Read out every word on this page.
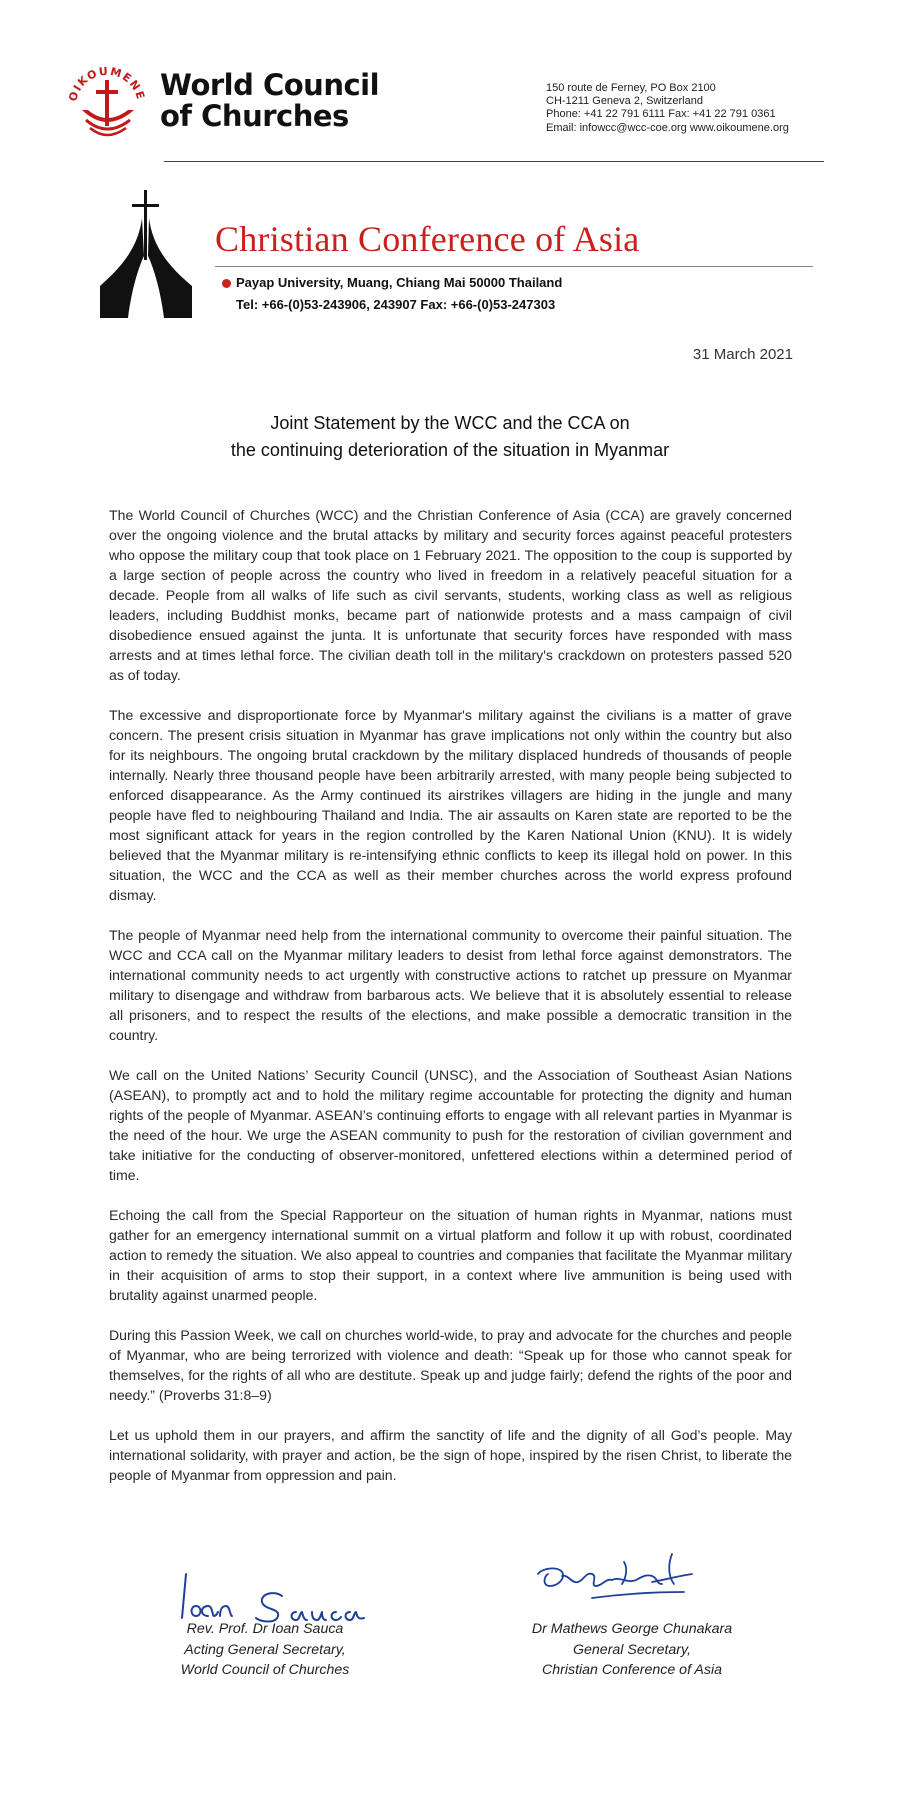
OIKOUMENE World Council
of Churches
150 route de Ferney, PO Box 2100
CH-1211 Geneva 2, Switzerland
Phone: +41 22 791 6111 Fax: +41 22 791 0361
Email: infowcc@wcc-coe.org www.oikoumene.org
Christian Conference of Asia
Payap University, Muang, Chiang Mai 50000 Thailand
Tel: +66-(0)53-243906, 243907 Fax: +66-(0)53-247303
31 March 2021
Joint Statement by the WCC and the CCA on
the continuing deterioration of the situation in Myanmar

The World Council of Churches (WCC) and the Christian Conference of Asia (CCA) are gravely concerned over the ongoing violence and the brutal attacks by military and security forces against peaceful protesters who oppose the military coup that took place on 1 February 2021. The opposition to the coup is supported by a large section of people across the country who lived in freedom in a relatively peaceful situation for a decade. People from all walks of life such as civil servants, students, working class as well as religious leaders, including Buddhist monks, became part of nationwide protests and a mass campaign of civil disobedience ensued against the junta. It is unfortunate that security forces have responded with mass arrests and at times lethal force. The civilian death toll in the military's crackdown on protesters passed 520 as of today.

The excessive and disproportionate force by Myanmar's military against the civilians is a matter of grave concern. The present crisis situation in Myanmar has grave implications not only within the country but also for its neighbours. The ongoing brutal crackdown by the military displaced hundreds of thousands of people internally. Nearly three thousand people have been arbitrarily arrested, with many people being subjected to enforced disappearance. As the Army continued its airstrikes villagers are hiding in the jungle and many people have fled to neighbouring Thailand and India. The air assaults on Karen state are reported to be the most significant attack for years in the region controlled by the Karen National Union (KNU). It is widely believed that the Myanmar military is re-intensifying ethnic conflicts to keep its illegal hold on power. In this situation, the WCC and the CCA as well as their member churches across the world express profound dismay.

The people of Myanmar need help from the international community to overcome their painful situation. The WCC and CCA call on the Myanmar military leaders to desist from lethal force against demonstrators. The international community needs to act urgently with constructive actions to ratchet up pressure on Myanmar military to disengage and withdraw from barbarous acts. We believe that it is absolutely essential to release all prisoners, and to respect the results of the elections, and make possible a democratic transition in the country.

We call on the United Nations’ Security Council (UNSC), and the Association of Southeast Asian Nations (ASEAN), to promptly act and to hold the military regime accountable for protecting the dignity and human rights of the people of Myanmar. ASEAN’s continuing efforts to engage with all relevant parties in Myanmar is the need of the hour. We urge the ASEAN community to push for the restoration of civilian government and take initiative for the conducting of observer-monitored, unfettered elections within a determined period of time.

Echoing the call from the Special Rapporteur on the situation of human rights in Myanmar, nations must gather for an emergency international summit on a virtual platform and follow it up with robust, coordinated action to remedy the situation. We also appeal to countries and companies that facilitate the Myanmar military in their acquisition of arms to stop their support, in a context where live ammunition is being used with brutality against unarmed people.

During this Passion Week, we call on churches world-wide, to pray and advocate for the churches and people of Myanmar, who are being terrorized with violence and death: “Speak up for those who cannot speak for themselves, for the rights of all who are destitute. Speak up and judge fairly; defend the rights of the poor and needy.” (Proverbs 31:8–9)

Let us uphold them in our prayers, and affirm the sanctity of life and the dignity of all God’s people. May international solidarity, with prayer and action, be the sign of hope, inspired by the risen Christ, to liberate the people of Myanmar from oppression and pain.

Rev. Prof. Dr Ioan Sauca
Acting General Secretary,
World Council of Churches
Dr Mathews George Chunakara
General Secretary,
Christian Conference of Asia
